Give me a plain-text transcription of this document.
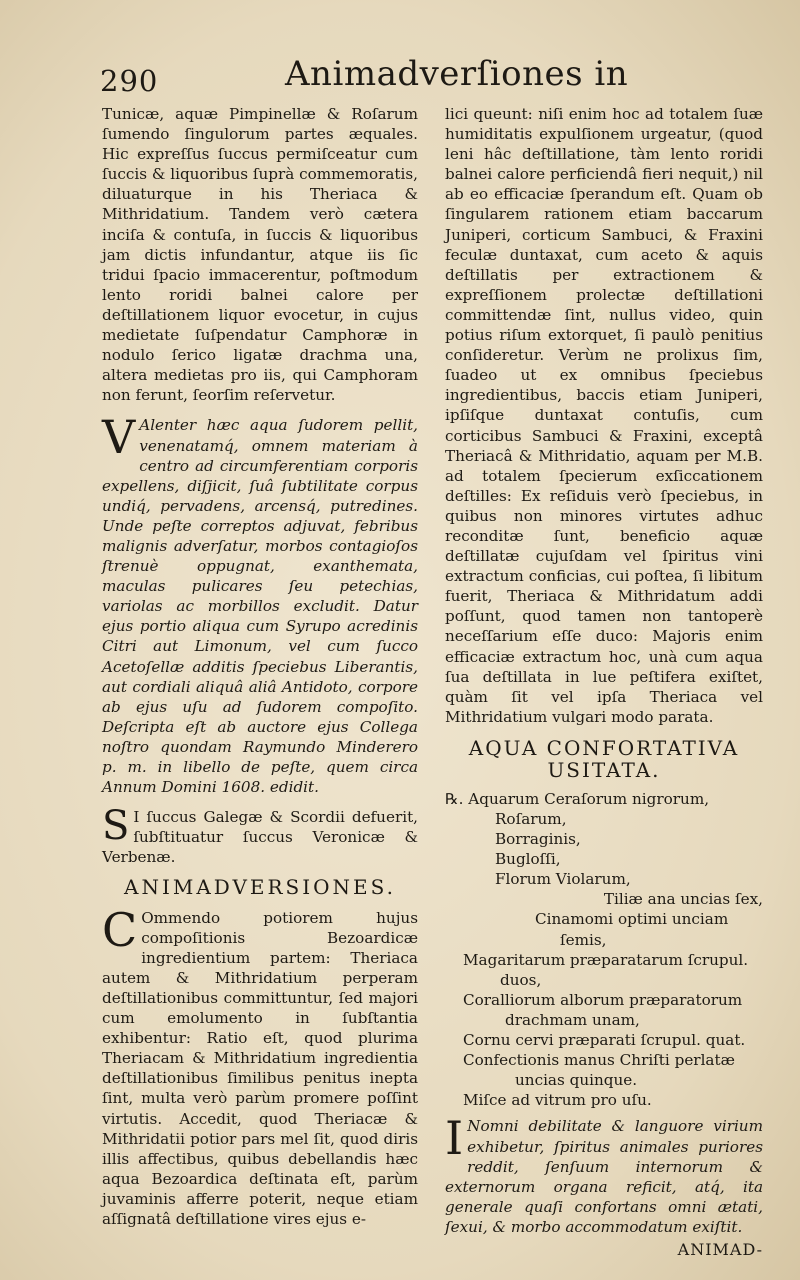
290	Animadverſiones in

Tunicæ, aquæ Pimpinellæ & Roſarum ſumendo ſingulorum partes æquales. Hic expreſſus ſuccus permiſceatur cum ſuccis & liquoribus ſuprà commemoratis, diluaturque in his Theriaca & Mithridatium. Tandem verò cætera inciſa & contuſa, in ſuccis & liquoribus jam dictis infundantur, atque iis ſic tridui ſpacio immacerentur, poſtmodum lento roridi balnei calore per deſtillationem liquor evocetur, in cujus medietate ſuſpendatur Camphoræ in nodulo ſerico ligatæ drachma una, altera medietas pro iis, qui Camphoram non ferunt, ſeorſim reſervetur.

V Alenter hæc aqua ſudorem pellit, venenatamq́, omnem materiam à centro ad circumferentiam corporis expellens, diſjicit, ſuâ ſubtilitate corpus undiq́, pervadens, arcensq́, putredines. Unde peſte correptos adjuvat, febribus malignis adverſatur, morbos contagioſos ſtrenuè oppugnat, exanthemata, maculas pulicares ſeu petechias, variolas ac morbillos excludit. Datur ejus portio aliqua cum Syrupo acredinis Citri aut Limonum, vel cum ſucco Acetoſellæ additis ſpeciebus Liberantis, aut cordiali aliquâ aliâ Antidoto, corpore ab ejus uſu ad ſudorem compoſito. Deſcripta eſt ab auctore ejus Collega noſtro quondam Raymundo Minderero p. m. in libello de peſte, quem circa Annum Domini 1608. edidit.

S I ſuccus Galegæ & Scordii defuerit, ſubſtituatur ſuccus Veronicæ & Verbenæ.

ANIMADVERSIONES.

C Ommendo potiorem hujus compoſitionis Bezoardicæ ingredientium partem: Theriaca autem & Mithridatium perperam deſtillationibus committuntur, ſed majori cum emolumento in ſubſtantia exhibentur: Ratio eſt, quod plurima Theriacam & Mithridatium ingredientia deſtillationibus ſimilibus penitus inepta ſint, multa verò parùm promere poſſint virtutis. Accedit, quod Theriacæ & Mithridatii potior pars mel ſit, quod diris illis affectibus, quibus debellandis hæc aqua Bezoardica deſtinata eſt, parùm juvaminis afferre poterit, neque etiam aſſignatâ deſtillatione vires ejus e-

lici queunt: niſi enim hoc ad totalem ſuæ humiditatis expulſionem urgeatur, (quod leni hâc deſtillatione, tàm lento roridi balnei calore perficiendâ fieri nequit,) nil ab eo efficaciæ ſperandum eſt. Quam ob ſingularem rationem etiam baccarum Juniperi, corticum Sambuci, & Fraxini feculæ duntaxat, cum aceto & aquis deſtillatis per extractionem & expreſſionem prolectæ deſtillationi committendæ ſint, nullus video, quin potius riſum extorquet, ſi paulò penitius conſideretur. Verùm ne prolixus ſim, ſuadeo ut ex omnibus ſpeciebus ingredientibus, baccis etiam Juniperi, ipſiſque duntaxat contuſis, cum corticibus Sambuci & Fraxini, exceptâ Theriacâ & Mithridatio, aquam per M.B. ad totalem ſpecierum exſiccationem deſtilles: Ex reſiduis verò ſpeciebus, in quibus non minores virtutes adhuc reconditæ ſunt, beneficio aquæ deſtillatæ cujuſdam vel ſpiritus vini extractum conficias, cui poſtea, ſi libitum fuerit, Theriaca & Mithridatum addi poſſunt, quod tamen non tantoperè neceſſarium eſſe duco: Majoris enim efficaciæ extractum hoc, unà cum aqua ſua deſtillata in lue peſtifera exiſtet, quàm ſit vel ipſa Theriaca vel Mithridatium vulgari modo parata.

AQUA CONFORTATIVA
USITATA.
℞. Aquarum Ceraſorum nigrorum,
Roſarum,
Borraginis,
Bugloſſi,
Florum Violarum,
Tiliæ ana uncias ſex,
Cinamomi optimi unciam
ſemis,
Magaritarum præparatarum ſcrupul.
duos,
Coralliorum alborum præparatorum
drachmam unam,
Cornu cervi præparati ſcrupul. quat.
Confectionis manus Chriſti perlatæ
uncias quinque.
Miſce ad vitrum pro uſu.

I Nomni debilitate & languore virium exhibetur, ſpiritus animales puriores reddit, ſenſuum internorum & externorum organa reficit, atq́, ita generale quaſi confortans omni ætati, ſexui, & morbo accommodatum exiſtit.

ANIMAD-
